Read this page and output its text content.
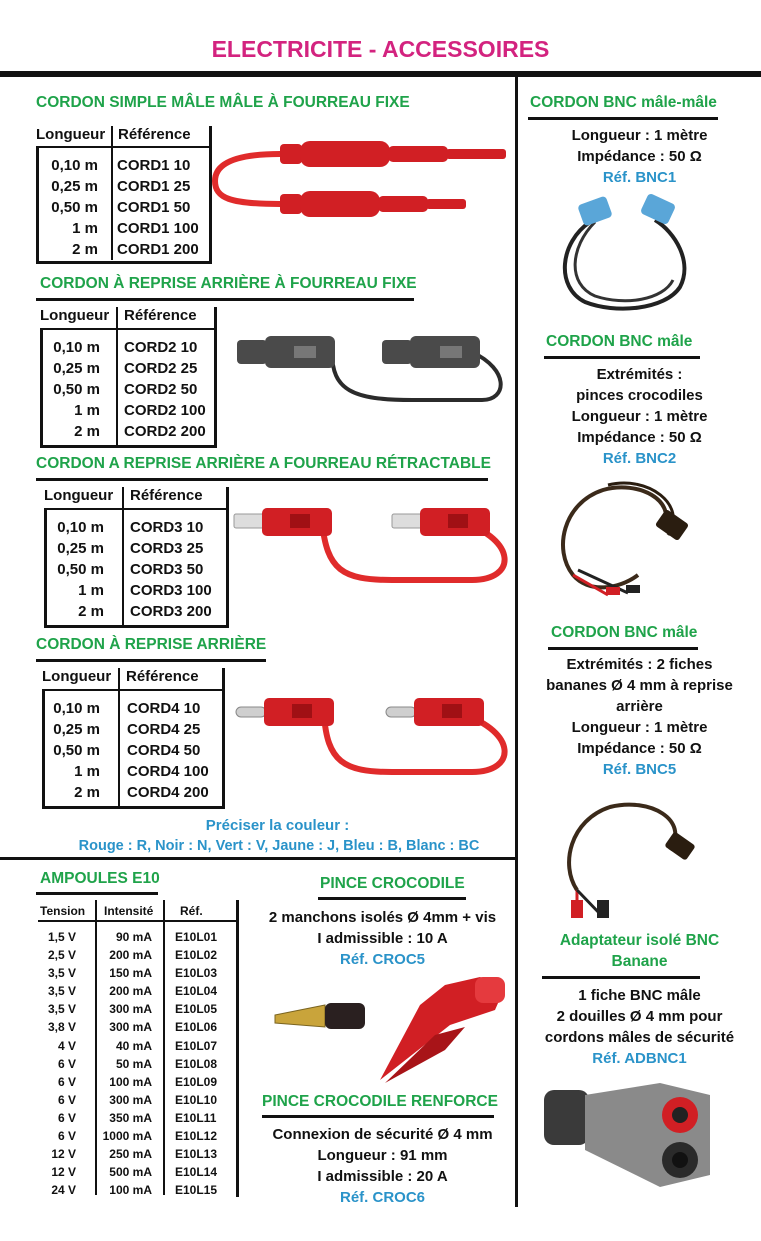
ELECTRICITE - ACCESSOIRES
CORDON SIMPLE MÂLE MÂLE À FOURREAU FIXE
Longueur Référence
0,10 m
0,25 m
0,50 m
1 m
2 m
CORD1 10
CORD1 25
CORD1 50
CORD1 100
CORD1 200
CORDON À REPRISE ARRIÈRE À FOURREAU FIXE
Longueur Référence
0,10 m
0,25 m
0,50 m
1 m
2 m
CORD2 10
CORD2 25
CORD2 50
CORD2 100
CORD2 200
CORDON A REPRISE ARRIÈRE A FOURREAU RÉTRACTABLE
Longueur Référence
0,10 m
0,25 m
0,50 m
1 m
2 m
CORD3 10
CORD3 25
CORD3 50
CORD3 100
CORD3 200
CORDON À REPRISE ARRIÈRE
Longueur Référence
0,10 m
0,25 m
0,50 m
1 m
2 m
CORD4 10
CORD4 25
CORD4 50
CORD4 100
CORD4 200
Préciser la couleur :
Rouge : R, Noir : N, Vert : V, Jaune : J, Bleu : B, Blanc : BC
AMPOULES E10
Tension Intensité Réf.
1,5 V
2,5 V
3,5 V
3,5 V
3,5 V
3,8 V
4 V
6 V
6 V
6 V
6 V
6 V
12 V
12 V
24 V
90 mA
200 mA
150 mA
200 mA
300 mA
300 mA
40 mA
50 mA
100 mA
300 mA
350 mA
1000 mA
250 mA
500 mA
100 mA
E10L01
E10L02
E10L03
E10L04
E10L05
E10L06
E10L07
E10L08
E10L09
E10L10
E10L11
E10L12
E10L13
E10L14
E10L15
PINCE CROCODILE
2 manchons isolés Ø 4mm + vis
I admissible : 10 A
Réf. CROC5
PINCE CROCODILE RENFORCE
Connexion de sécurité Ø 4 mm
Longueur : 91 mm
I admissible : 20 A
Réf. CROC6
CORDON BNC mâle-mâle
Longueur : 1 mètre
Impédance : 50 Ω
Réf. BNC1
CORDON BNC mâle
Extrémités :
pinces crocodiles
Longueur : 1 mètre
Impédance : 50 Ω
Réf. BNC2
CORDON BNC mâle
Extrémités : 2 fiches
bananes Ø 4 mm à reprise
arrière
Longueur : 1 mètre
Impédance : 50 Ω
Réf. BNC5
Adaptateur isolé BNC
Banane
1 fiche BNC mâle
2 douilles Ø 4 mm pour
cordons mâles de sécurité
Réf. ADBNC1
